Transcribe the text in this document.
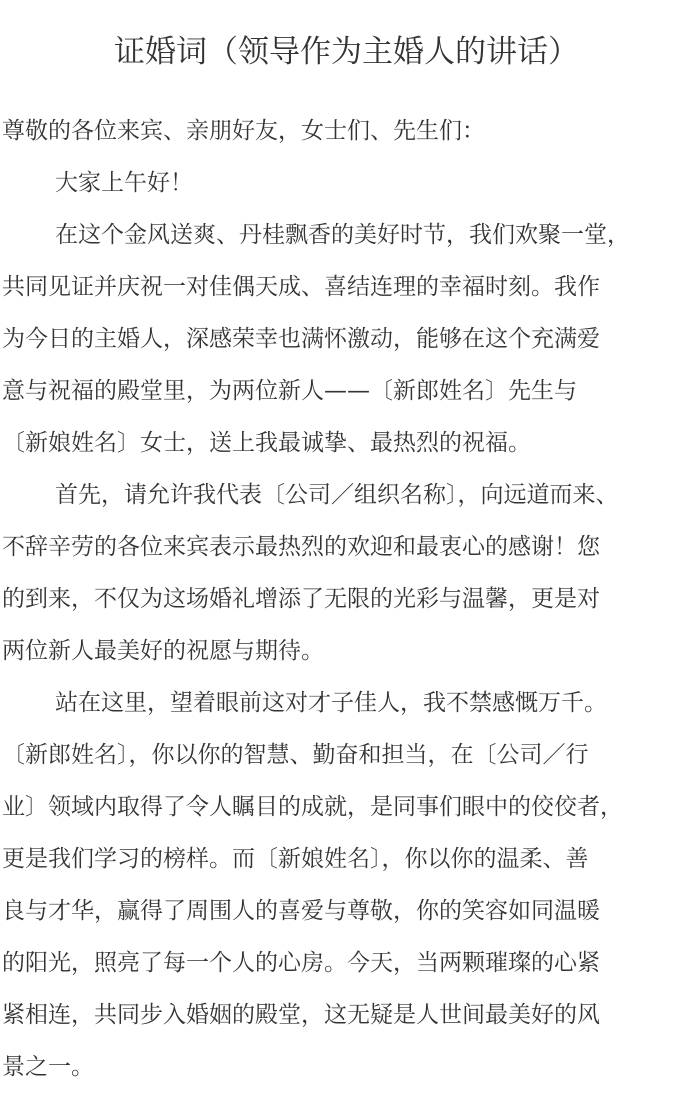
证婚词（领导作为主婚人的讲话）

尊敬的各位来宾、亲朋好友，女士们、先生们：

大家上午好！

在这个金风送爽、丹桂飘香的美好时节，我们欢聚一堂，

共同见证并庆祝一对佳偶天成、喜结连理的幸福时刻。我作

为今日的主婚人，深感荣幸也满怀激动，能够在这个充满爱

意与祝福的殿堂里，为两位新人——〔新郎姓名〕先生与

〔新娘姓名〕女士，送上我最诚挚、最热烈的祝福。

首先，请允许我代表〔公司／组织名称〕，向远道而来、

不辞辛劳的各位来宾表示最热烈的欢迎和最衷心的感谢！您

的到来，不仅为这场婚礼增添了无限的光彩与温馨，更是对

两位新人最美好的祝愿与期待。

站在这里，望着眼前这对才子佳人，我不禁感慨万千。

〔新郎姓名〕，你以你的智慧、勤奋和担当，在〔公司／行

业〕领域内取得了令人瞩目的成就，是同事们眼中的佼佼者，

更是我们学习的榜样。而〔新娘姓名〕，你以你的温柔、善

良与才华，赢得了周围人的喜爱与尊敬，你的笑容如同温暖

的阳光，照亮了每一个人的心房。今天，当两颗璀璨的心紧

紧相连，共同步入婚姻的殿堂，这无疑是人世间最美好的风

景之一。
